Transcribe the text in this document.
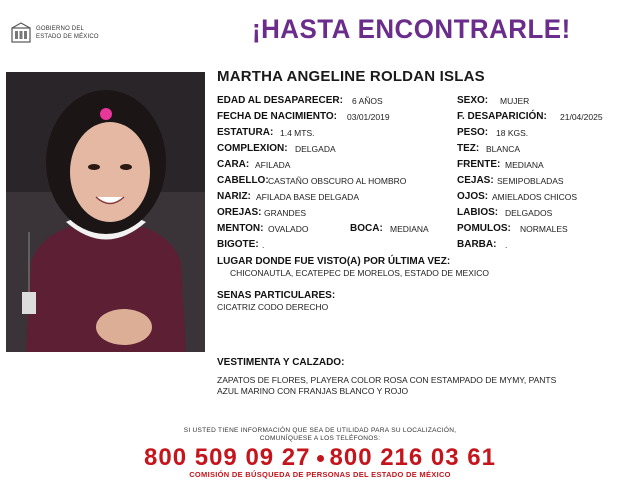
GOBIERNO DEL
ESTADO DE MÉXICO	¡HASTA ENCONTRARLE!
MARTHA ANGELINE ROLDAN ISLAS
EDAD AL DESAPARECER: 6 AÑOS	SEXO: MUJER
FECHA DE NACIMIENTO: 03/01/2019	F. DESAPARICIÓN: 21/04/2025
ESTATURA: 1.4 MTS.	PESO: 18 KGS.
COMPLEXION: DELGADA	TEZ: BLANCA
CARA: AFILADA	FRENTE: MEDIANA
CABELLO: CASTAÑO OBSCURO AL HOMBRO	CEJAS: SEMIPOBLADAS
NARIZ: AFILADA BASE DELGADA	OJOS: AMIELADOS CHICOS
OREJAS: GRANDES	LABIOS: DELGADOS
MENTON: OVALADO	BOCA: MEDIANA	POMULOS: NORMALES
BIGOTE: .	BARBA: .
LUGAR DONDE FUE VISTO(A) POR ÚLTIMA VEZ:
CHICONAUTLA, ECATEPEC DE MORELOS, ESTADO DE MEXICO
SENAS PARTICULARES:
CICATRIZ CODO DERECHO
VESTIMENTA Y CALZADO:
ZAPATOS DE FLORES, PLAYERA COLOR ROSA CON ESTAMPADO DE MYMY, PANTS
AZUL MARINO CON FRANJAS BLANCO Y ROJO
SI USTED TIENE INFORMACIÓN QUE SEA DE UTILIDAD PARA SU LOCALIZACIÓN,
COMUNÍQUESE A LOS TELÉFONOS:
800 509 09 27 800 216 03 61
COMISIÓN DE BÚSQUEDA DE PERSONAS DEL ESTADO DE MÉXICO
